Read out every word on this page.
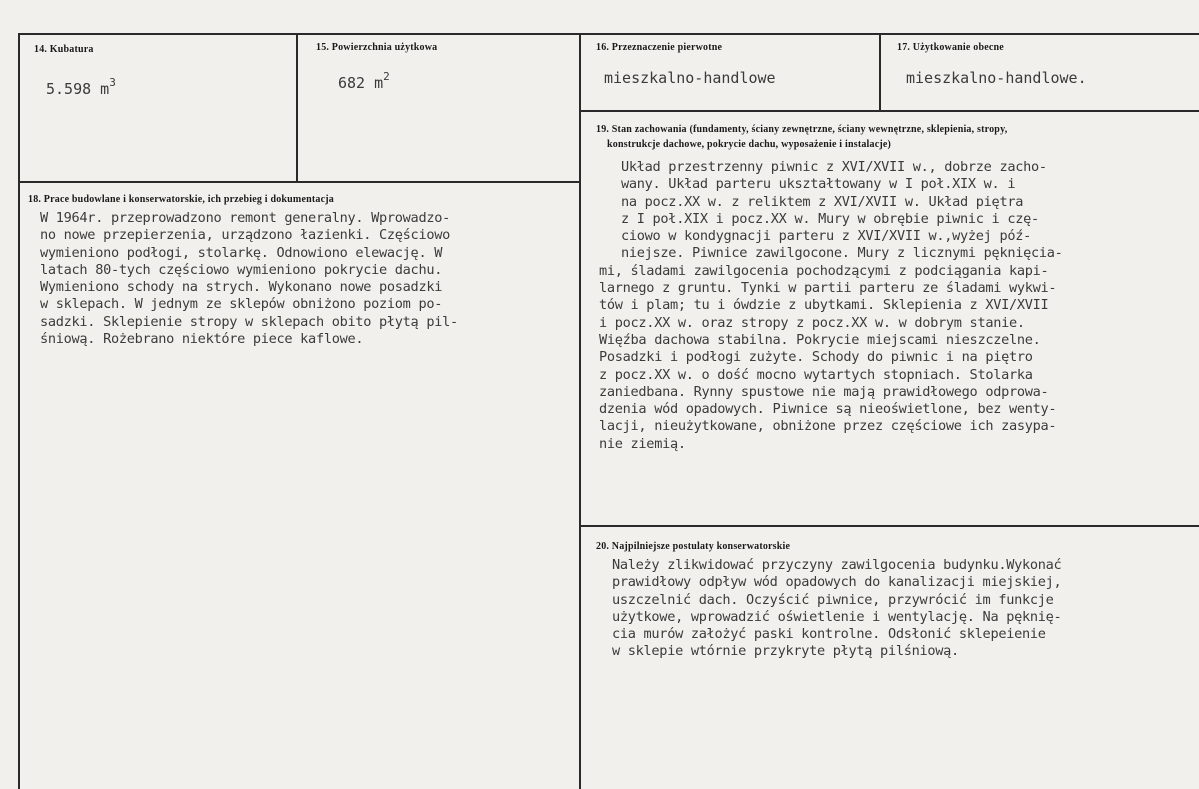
14. Kubatura
5.598 $m^3$
15. Powierzchnia użytkowa
682 $m^2$
16. Przeznaczenie pierwotne
mieszkalno-handlowe
17. Użytkowanie obecne
mieszkalno-handlowe.
19. Stan zachowania (fundamenty, ściany zewnętrzne, ściany wewnętrzne, sklepienia, stropy,
konstrukcje dachowe, pokrycie dachu, wyposażenie i instalacje)
Układ przestrzenny piwnic z XVI/XVII w., dobrze zacho-
wany. Układ parteru ukształtowany w I poł.XIX w. i
na pocz.XX w. z reliktem z XVI/XVII w. Układ piętra
z I poł.XIX i pocz.XX w. Mury w obrębie piwnic i czę-
ciowo w kondygnacji parteru z XVI/XVII w.,wyżej póź-
niejsze. Piwnice zawilgocone. Mury z licznymi pęknięcia-
mi, śladami zawilgocenia pochodzącymi z podciągania kapi-
larnego z gruntu. Tynki w partii parteru ze śladami wykwi-
tów i plam; tu i ówdzie z ubytkami. Sklepienia z XVI/XVII
i pocz.XX w. oraz stropy z pocz.XX w. w dobrym stanie.
Więźba dachowa stabilna. Pokrycie miejscami nieszczelne.
Posadzki i podłogi zużyte. Schody do piwnic i na piętro
z pocz.XX w. o dość mocno wytartych stopniach. Stolarka
zaniedbana. Rynny spustowe nie mają prawidłowego odprowa-
dzenia wód opadowych. Piwnice są nieoświetlone, bez wenty-
lacji, nieużytkowane, obniżone przez częściowe ich zasypa-
nie ziemią.
18. Prace budowlane i konserwatorskie, ich przebieg i dokumentacja
W 1964r. przeprowadzono remont generalny. Wprowadzo-
no nowe przepierzenia, urządzono łazienki. Częściowo
wymieniono podłogi, stolarkę. Odnowiono elewację. W
latach 80-tych częściowo wymieniono pokrycie dachu.
Wymieniono schody na strych. Wykonano nowe posadzki
w sklepach. W jednym ze sklepów obniżono poziom po-
sadzki. Sklepienie stropy w sklepach obito płytą pil-
śniową. Rożebrano niektóre piece kaflowe.
20. Najpilniejsze postulaty konserwatorskie
Należy zlikwidować przyczyny zawilgocenia budynku.Wykonać
prawidłowy odpływ wód opadowych do kanalizacji miejskiej,
uszczelnić dach. Oczyścić piwnice, przywrócić im funkcje
użytkowe, wprowadzić oświetlenie i wentylację. Na pęknię-
cia murów założyć paski kontrolne. Odsłonić sklepeienie
w sklepie wtórnie przykryte płytą pilśniową.
